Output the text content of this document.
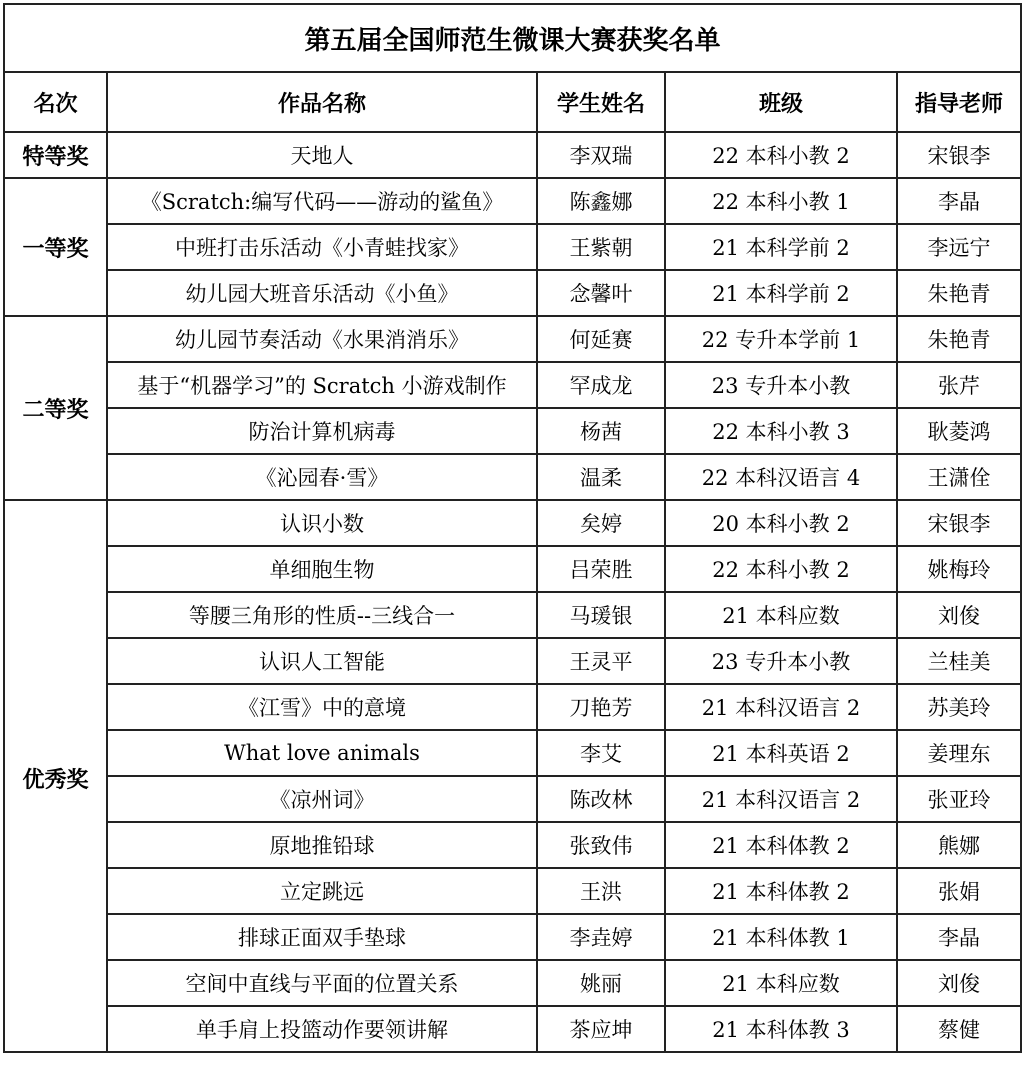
第五届全国师范生微课大赛获奖名单				
名次	作品名称	学生姓名	班级	指导老师
特等奖	天地人	李双瑞	22 本科小教 2	宋银李
一等奖	《Scratch:编写代码——游动的鲨鱼》	陈鑫娜	22 本科小教 1	李晶
	中班打击乐活动《小青蛙找家》	王紫朝	21 本科学前 2	李远宁
	幼儿园大班音乐活动《小鱼》	念馨叶	21 本科学前 2	朱艳青
二等奖	幼儿园节奏活动《水果消消乐》	何延赛	22 专升本学前 1	朱艳青
	基于“机器学习”的 Scratch 小游戏制作	罕成龙	23 专升本小教	张芹
	防治计算机病毒	杨茜	22 本科小教 3	耿菱鸿
	《沁园春·雪》	温柔	22 本科汉语言 4	王潇佺
优秀奖	认识小数	矣婷	20 本科小教 2	宋银李
	单细胞生物	吕荣胜	22 本科小教 2	姚梅玲
	等腰三角形的性质--三线合一	马瑗银	21 本科应数	刘俊
	认识人工智能	王灵平	23 专升本小教	兰桂美
	《江雪》中的意境	刀艳芳	21 本科汉语言 2	苏美玲
	What love animals	李艾	21 本科英语 2	姜理东
	《凉州词》	陈改林	21 本科汉语言 2	张亚玲
	原地推铅球	张致伟	21 本科体教 2	熊娜
	立定跳远	王洪	21 本科体教 2	张娟
	排球正面双手垫球	李垚婷	21 本科体教 1	李晶
	空间中直线与平面的位置关系	姚丽	21 本科应数	刘俊
	单手肩上投篮动作要领讲解	茶应坤	21 本科体教 3	蔡健
